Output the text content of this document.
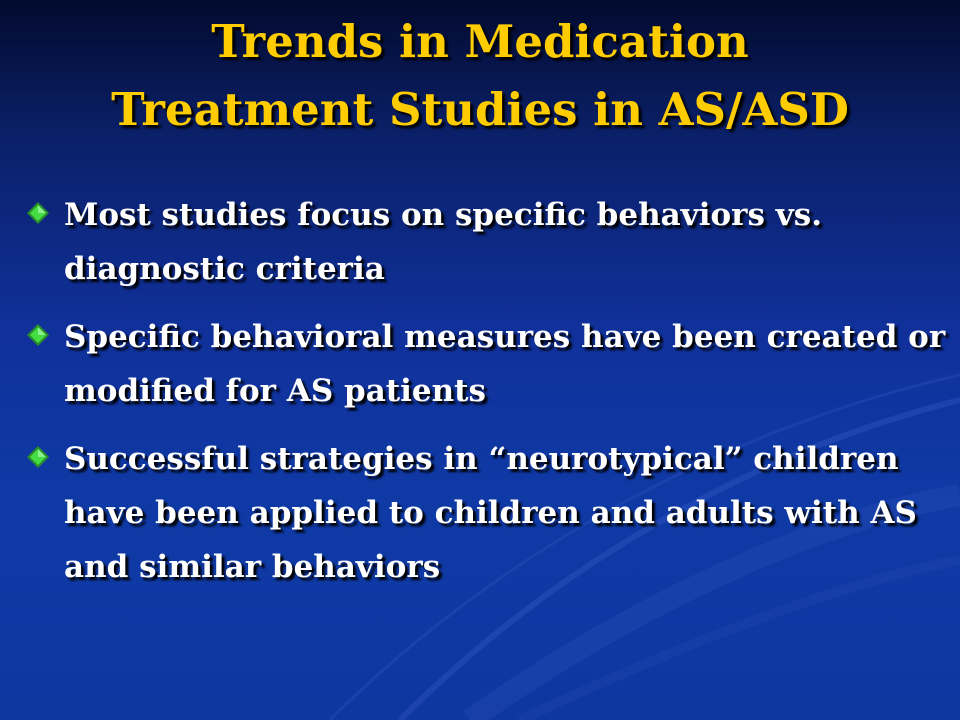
Trends in Medication
Treatment Studies in AS/ASD
Most studies focus on specific behaviors vs. diagnostic criteria
Specific behavioral measures have been created or modified for AS patients
Successful strategies in “neurotypical” children have been applied to children and adults with AS and similar behaviors
